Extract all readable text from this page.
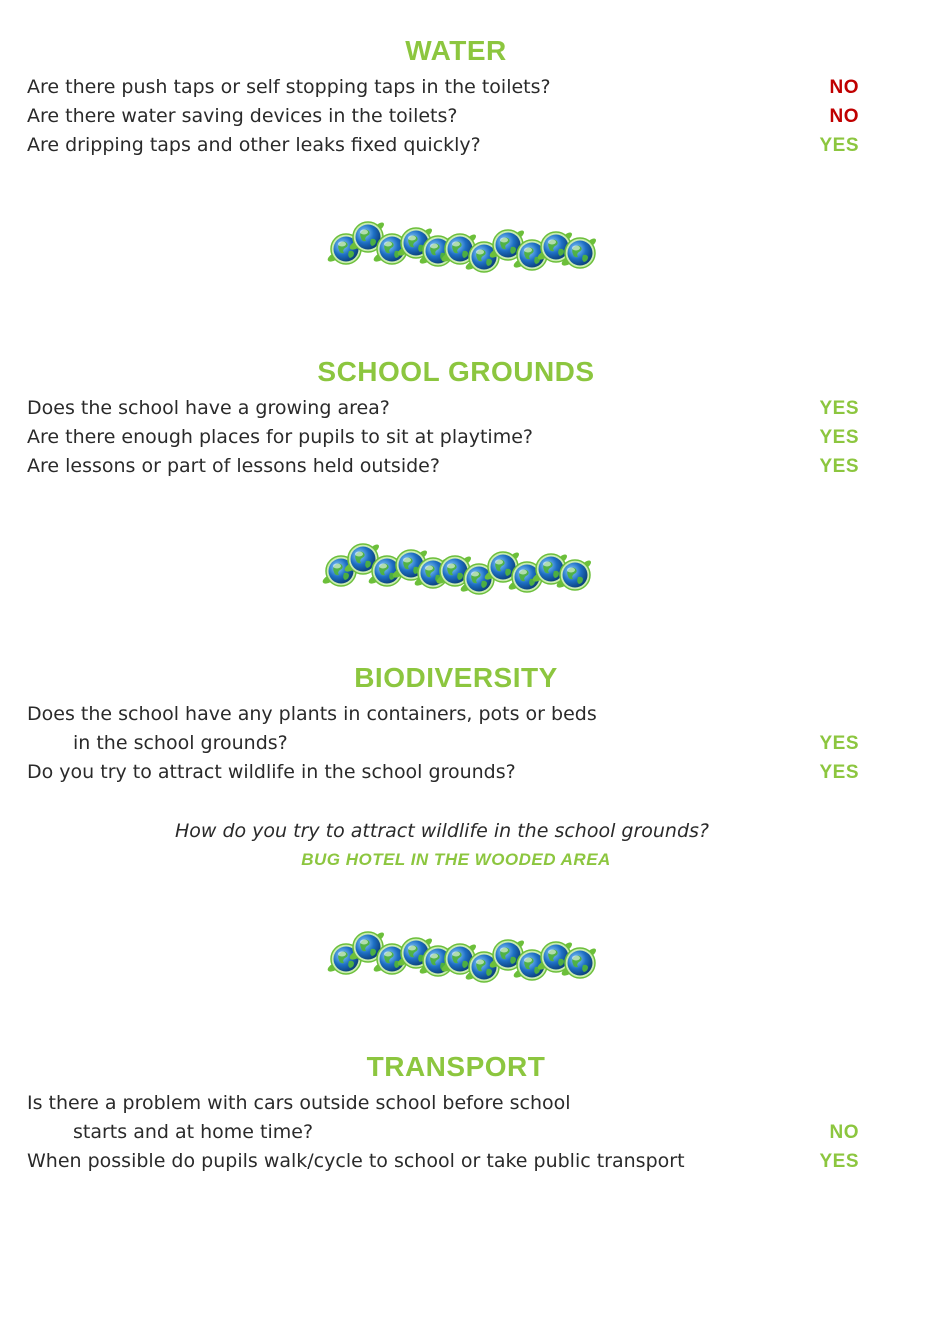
WATER
Are there push taps or self stopping taps in the toilets?	NO
Are there water saving devices in the toilets?	NO
Are dripping taps and other leaks fixed quickly?	YES
SCHOOL GROUNDS
Does the school have a growing area?	YES
Are there enough places for pupils to sit at playtime?	YES
Are lessons or part of lessons held outside?	YES
BIODIVERSITY
Does the school have any plants in containers, pots or beds
in the school grounds?	YES
Do you try to attract wildlife in the school grounds?	YES
How do you try to attract wildlife in the school grounds?
BUG HOTEL IN THE WOODED AREA
TRANSPORT
Is there a problem with cars outside school before school
starts and at home time?	NO
When possible do pupils walk/cycle to school or take public transport	YES
